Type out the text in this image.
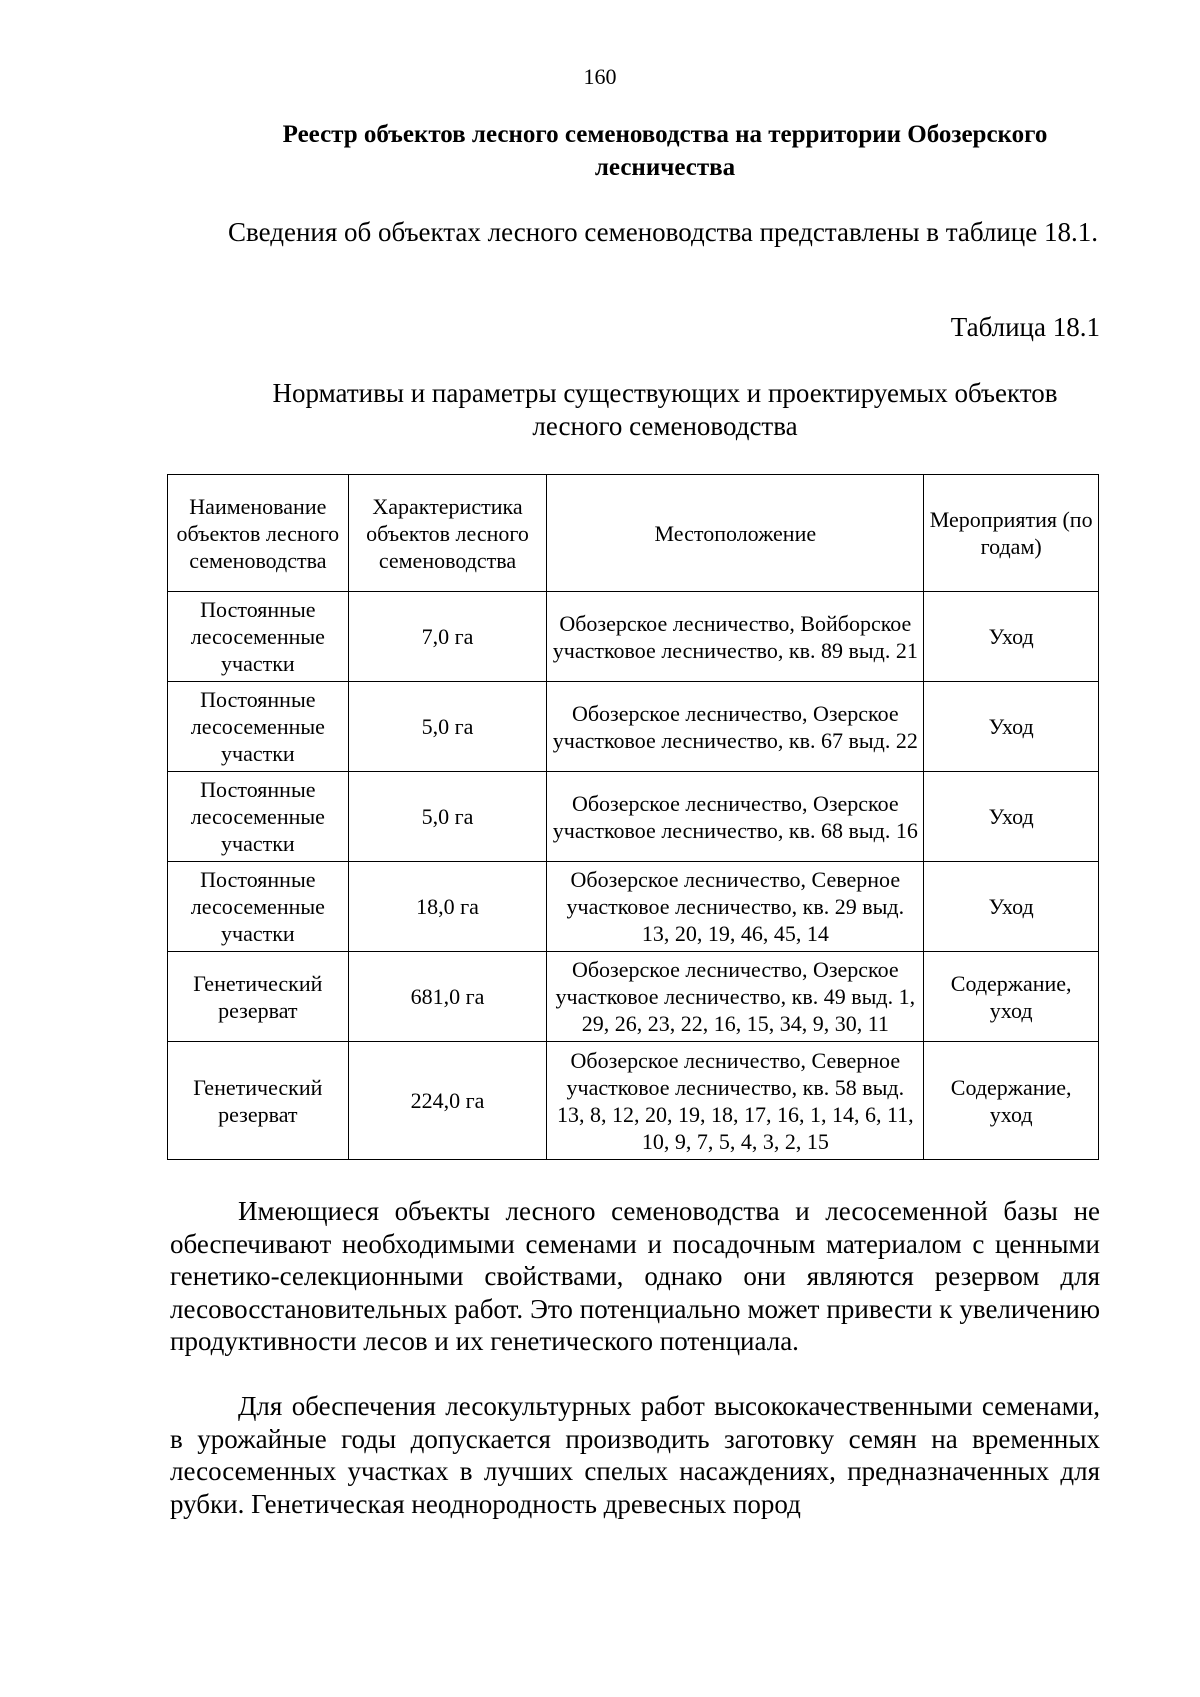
160
Реестр объектов лесного семеноводства на территории Обозерского лесничества

Сведения об объектах лесного семеноводства представлены в таблице 18.1.

Таблица 18.1
Нормативы и параметры существующих и проектируемых объектов лесного семеноводства
Наименование объектов лесного семеноводства	Характеристика объектов лесного семеноводства	Местоположение	Мероприятия (по годам)
Постоянные лесосеменные участки	7,0 га	Обозерское лесничество, Войборское участковое лесничество, кв. 89 выд. 21	Уход
Постоянные лесосеменные участки	5,0 га	Обозерское лесничество, Озерское участковое лесничество, кв. 67 выд. 22	Уход
Постоянные лесосеменные участки	5,0 га	Обозерское лесничество, Озерское участковое лесничество, кв. 68 выд. 16	Уход
Постоянные лесосеменные участки	18,0 га	Обозерское лесничество, Северное участковое лесничество, кв. 29 выд. 13, 20, 19, 46, 45, 14	Уход
Генетический резерват	681,0 га	Обозерское лесничество, Озерское участковое лесничество, кв. 49 выд. 1, 29, 26, 23, 22, 16, 15, 34, 9, 30, 11	Содержание, уход
Генетический резерват	224,0 га	Обозерское лесничество, Северное участковое лесничество, кв. 58 выд. 13, 8, 12, 20, 19, 18, 17, 16, 1, 14, 6, 11, 10, 9, 7, 5, 4, 3, 2, 15	Содержание, уход

Имеющиеся объекты лесного семеноводства и лесосеменной базы не обеспечивают необходимыми семенами и посадочным материалом с ценными генетико-селекционными свойствами, однако они являются резервом для лесовосстановительных работ. Это потенциально может привести к увеличению продуктивности лесов и их генетического потенциала.

Для обеспечения лесокультурных работ высококачественными семенами, в урожайные годы допускается производить заготовку семян на временных лесосеменных участках в лучших спелых насаждениях, предназначенных для рубки. Генетическая неоднородность древесных пород
